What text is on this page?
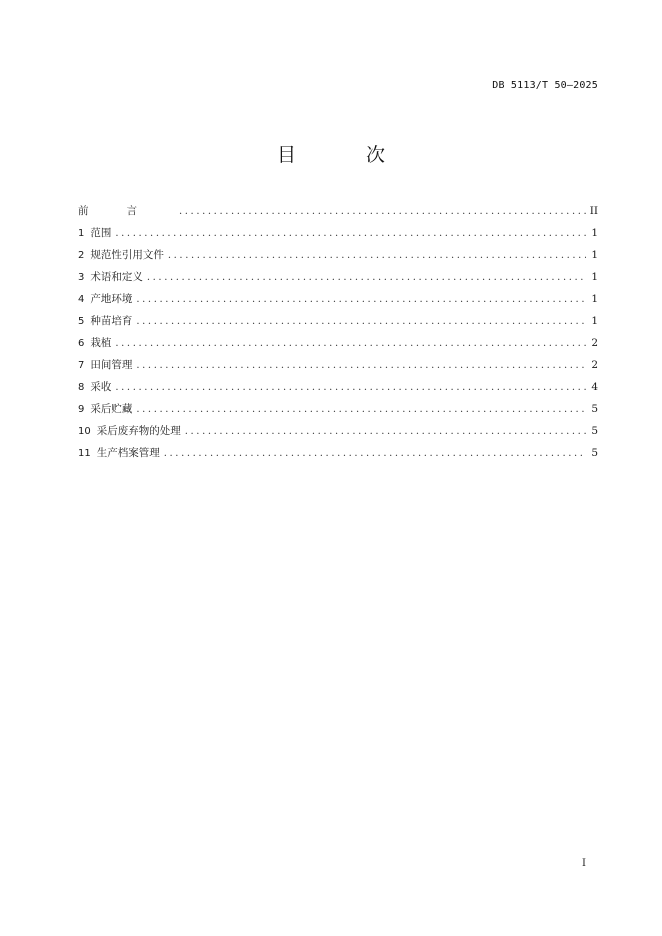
DB 5113/T 50—2025
目 次
前言 .....	II
1 范围 .....	1
2 规范性引用文件 .....	1
3 术语和定义 .....	1
4 产地环境 .....	1
5 种苗培育 .....	1
6 栽植 .....	2
7 田间管理 .....	2
8 采收 .....	4
9 采后贮藏 .....	5
10 采后废弃物的处理 .....	5
11 生产档案管理 .....	5
I
